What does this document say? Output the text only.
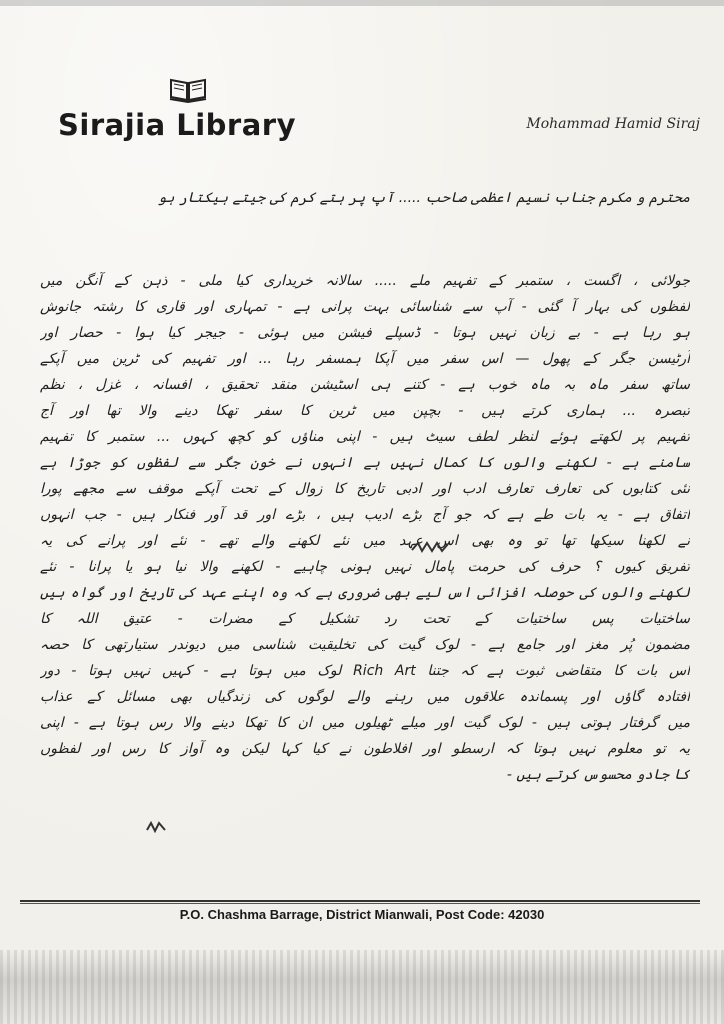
Sirajia Library	Mohammad Hamid Siraj
محترم و مکرم جناب نسیم اعظمی صاحب ..... آپ پر ہتے کرم کی جیتے ہیکتار ہو
جولائی ، اگست ، ستمبر کے تفہیم ملے ..... سالانہ خریداری کیا ملی - ذہن کے آنگن میں
لفظوں کی بہار آ گئی - آپ سے شناسائی بہت پرانی ہے - تمہاری اور قاری کا رشتہ جانوش
ہو رہا ہے - بے زبان نہیں ہوتا - ڈسپلے فیشن میں ہوئی - جیجر کیا ہوا - حصار اور
آرٹیسن جگر کے پھول — اس سفر میں آپکا ہمسفر رہا ... اور تفہیم کی ٹرین میں آپکے
ساتھ سفر ماہ بہ ماہ خوب ہے - کتنے ہی اسٹیشن منقد تحقیق ، افسانہ ، غزل ، نظم
تبصرہ ... ہماری کرتے ہیں - بچپن میں ٹرین کا سفر تھکا دینے والا تھا اور آج
تفہیم پر لکھتے ہوئے لنظر لطف سیٹ ہیں - اپنی مناؤں کو کچھ کہوں ... ستمبر کا تفہیم
سامنے ہے - لکھنے والوں کا کمال نہیں ہے انہوں نے خون جگر سے لفظوں کو جوڑا ہے
نئی کتابوں کی تعارف تعارف ادب اور ادبی تاریخ کا زوال کے تحت آپکے موقف سے مجھے پورا
اتفاق ہے - یہ بات طے ہے کہ جو آج بڑے ادیب ہیں ، بڑے اور قد آور فنکار ہیں - جب انہوں
نے لکھنا سیکھا تھا تو وہ بھی اس عہد میں نئے لکھنے والے تھے - نئے اور پرانے کی یہ
تفریق کیوں ؟ حرف کی حرمت پامال نہیں ہونی چاہیے - لکھنے والا نیا ہو یا پرانا - نئے
لکھنے والوں کی حوصلہ افزائی اس لیے بھی ضروری ہے کہ وہ اپنے عہد کی تاریخ اور گواہ ہیں
ساختیات پس ساختیات کے تحت رد تشکیل کے مضرات - عتیق اللہ کا
مضمون پُر مغز اور جامع ہے - لوک گیت کی تخلیقیت شناسی میں دیوندر ستیارتھی کا حصہ
اس بات کا متقاضی ثبوت ہے کہ جتنا Rich Art لوک میں ہوتا ہے - کہیں نہیں ہوتا - دور
افتادہ گاؤں اور پسماندہ علاقوں میں رہنے والے لوگوں کی زندگیاں بھی مسائل کے عذاب
میں گرفتار ہوتی ہیں - لوک گیت اور میلے ٹھیلوں میں ان کا تھکا دینے والا رس ہوتا ہے - اپنی
یہ تو معلوم نہیں ہوتا کہ ارسطو اور افلاطون نے کیا کہا لیکن وہ آواز کا رس اور لفظوں
کا جادو محسوس کرتے ہیں -
P.O. Chashma Barrage, District Mianwali, Post Code: 42030
